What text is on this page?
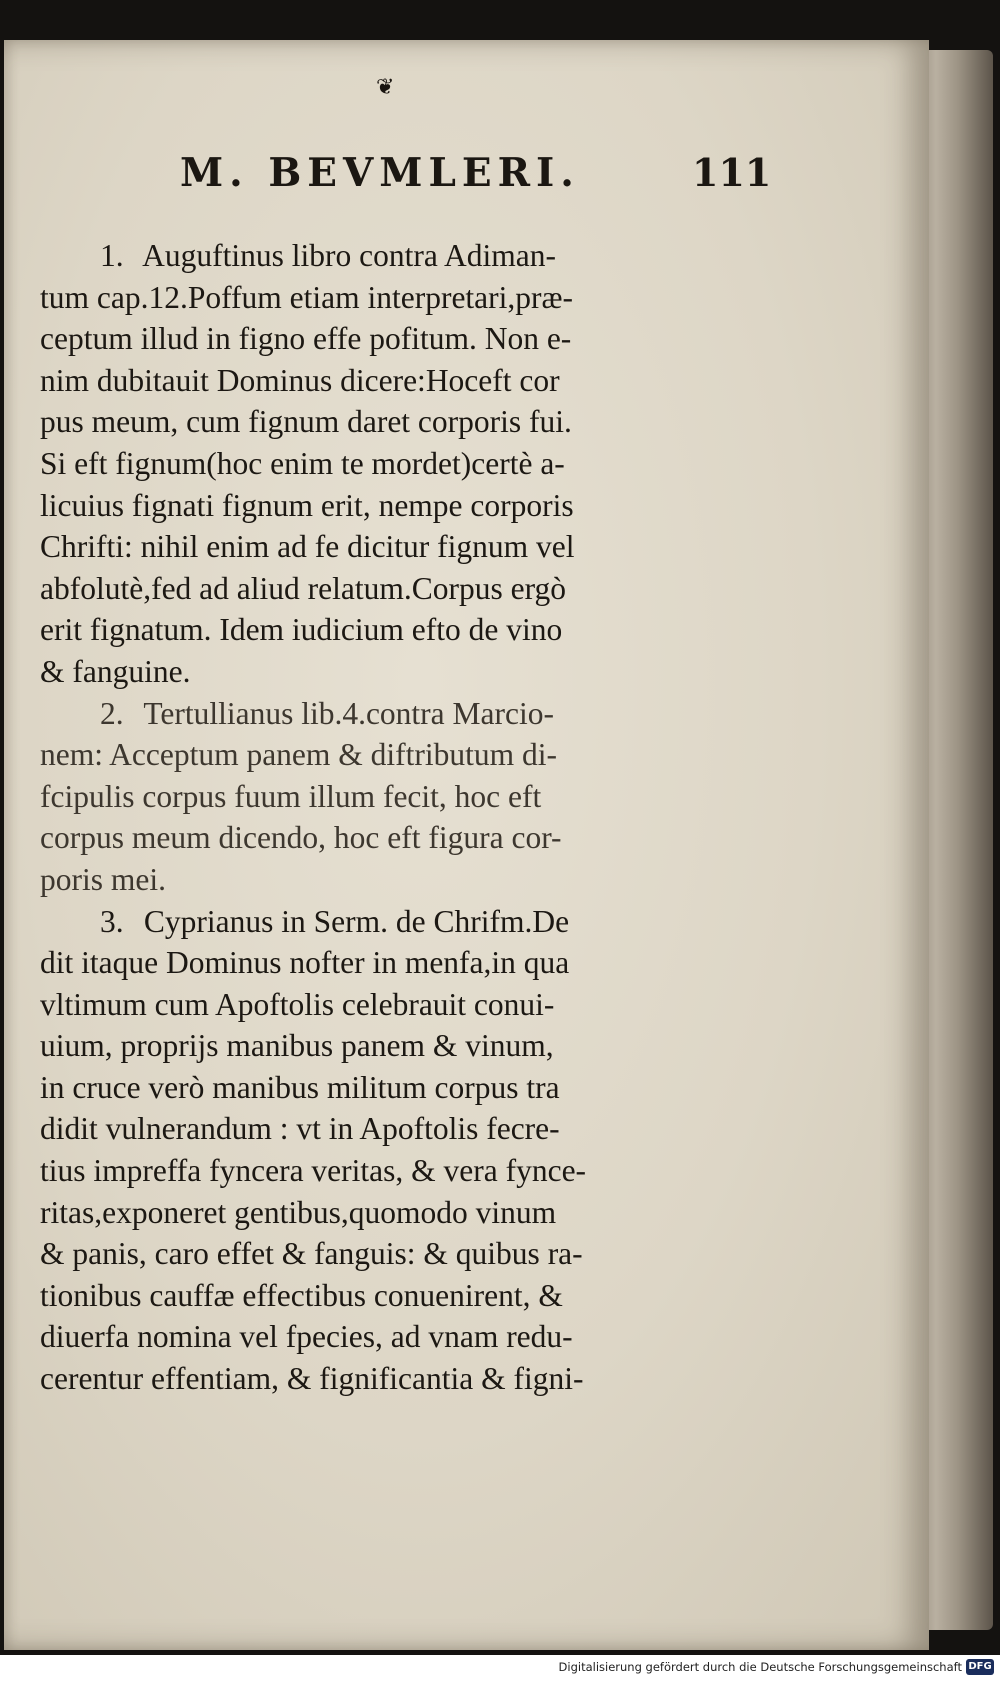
❦
M. BEVMLERI.	111

1. Auguftinus libro contra Adiman-
tum cap.12.Poffum etiam interpretari,præ-
ceptum illud in figno effe pofitum. Non e-
nim dubitauit Dominus dicere:Hoceft cor
pus meum, cum fignum daret corporis fui.
Si eft fignum(hoc enim te mordet)certè a-
licuius fignati fignum erit, nempe corporis
Chrifti: nihil enim ad fe dicitur fignum vel
abfolutè,fed ad aliud relatum.Corpus ergò
erit fignatum. Idem iudicium efto de vino
& fanguine.

2. Tertullianus lib.4.contra Marcio-
nem: Acceptum panem & diftributum di-
fcipulis corpus fuum illum fecit, hoc eft
corpus meum dicendo, hoc eft figura cor-
poris mei.

3. Cyprianus in Serm. de Chrifm.De
dit itaque Dominus nofter in menfa,in qua
vltimum cum Apoftolis celebrauit conui-
uium, proprijs manibus panem & vinum,
in cruce verò manibus militum corpus tra
didit vulnerandum : vt in Apoftolis fecre-
tius impreffa fyncera veritas, & vera fynce-
ritas,exponeret gentibus,quomodo vinum
& panis, caro effet & fanguis: & quibus ra-
tionibus cauffæ effectibus conuenirent, &
diuerfa nomina vel fpecies, ad vnam redu-
cerentur effentiam, & fignificantia & figni-

Digitalisierung gefördert durch die Deutsche Forschungsgemeinschaft DFG
